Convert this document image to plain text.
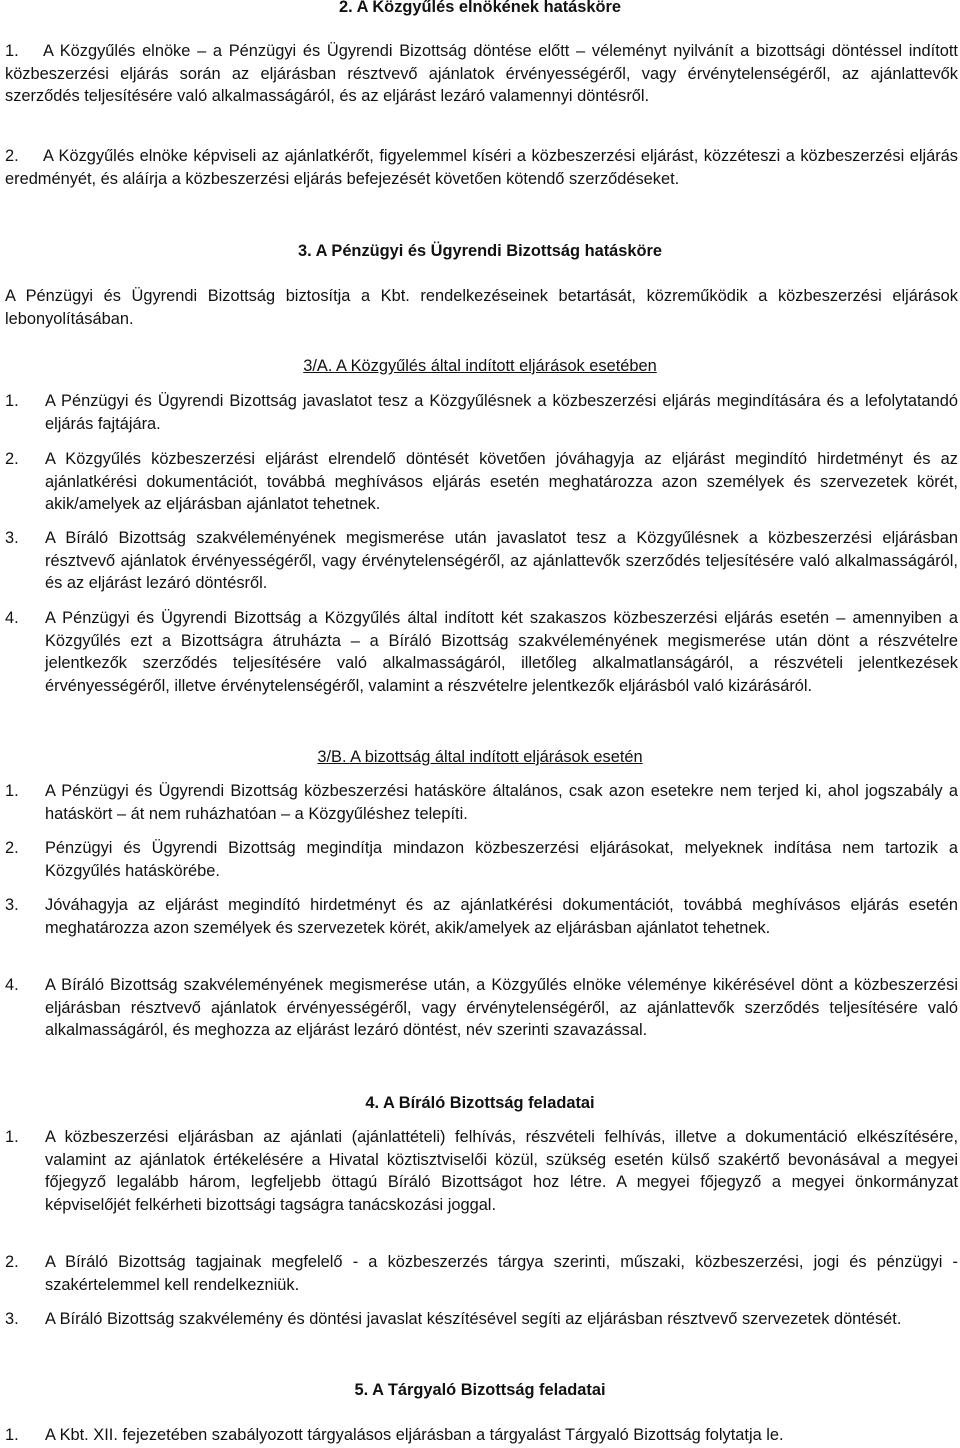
2. A Közgyűlés elnökének hatásköre
1.	A Közgyűlés elnöke – a Pénzügyi és Ügyrendi Bizottság döntése előtt – véleményt nyilvánít a bizottsági döntéssel indított közbeszerzési eljárás során az eljárásban résztvevő ajánlatok érvényességéről, vagy érvénytelenségéről, az ajánlattevők szerződés teljesítésére való alkalmasságáról, és az eljárást lezáró valamennyi döntésről.
2.	A Közgyűlés elnöke képviseli az ajánlatkérőt, figyelemmel kíséri a közbeszerzési eljárást, közzéteszi a közbeszerzési eljárás eredményét, és aláírja a közbeszerzési eljárás befejezését követően kötendő szerződéseket.
3. A Pénzügyi és Ügyrendi Bizottság hatásköre
A Pénzügyi és Ügyrendi Bizottság biztosítja a Kbt. rendelkezéseinek betartását, közreműködik a közbeszerzési eljárások lebonyolításában.
3/A. A Közgyűlés által indított eljárások esetében
1. A Pénzügyi és Ügyrendi Bizottság javaslatot tesz a Közgyűlésnek a közbeszerzési eljárás megindítására és a lefolytatandó eljárás fajtájára.
2. A Közgyűlés közbeszerzési eljárást elrendelő döntését követően jóváhagyja az eljárást megindító hirdetményt és az ajánlatkérési dokumentációt, továbbá meghívásos eljárás esetén meghatározza azon személyek és szervezetek körét, akik/amelyek az eljárásban ajánlatot tehetnek.
3. A Bíráló Bizottság szakvéleményének megismerése után javaslatot tesz a Közgyűlésnek a közbeszerzési eljárásban résztvevő ajánlatok érvényességéről, vagy érvénytelenségéről, az ajánlattevők szerződés teljesítésére való alkalmasságáról, és az eljárást lezáró döntésről.
4. A Pénzügyi és Ügyrendi Bizottság a Közgyűlés által indított két szakaszos közbeszerzési eljárás esetén – amennyiben a Közgyűlés ezt a Bizottságra átruházta – a Bíráló Bizottság szakvéleményének megismerése után dönt a részvételre jelentkezők szerződés teljesítésére való alkalmasságáról, illetőleg alkalmatlanságáról, a részvételi jelentkezések érvényességéről, illetve érvénytelenségéről, valamint a részvételre jelentkezők eljárásból való kizárásáról.
3/B. A bizottság által indított eljárások esetén
1. A Pénzügyi és Ügyrendi Bizottság közbeszerzési hatásköre általános, csak azon esetekre nem terjed ki, ahol jogszabály a hatáskört – át nem ruházhatóan – a Közgyűléshez telepíti.
2. Pénzügyi és Ügyrendi Bizottság megindítja mindazon közbeszerzési eljárásokat, melyeknek indítása nem tartozik a Közgyűlés hatáskörébe.
3. Jóváhagyja az eljárást megindító hirdetményt és az ajánlatkérési dokumentációt, továbbá meghívásos eljárás esetén meghatározza azon személyek és szervezetek körét, akik/amelyek az eljárásban ajánlatot tehetnek.
4. A Bíráló Bizottság szakvéleményének megismerése után, a Közgyűlés elnöke véleménye kikérésével dönt a közbeszerzési eljárásban résztvevő ajánlatok érvényességéről, vagy érvénytelenségéről, az ajánlattevők szerződés teljesítésére való alkalmasságáról, és meghozza az eljárást lezáró döntést, név szerinti szavazással.
4. A Bíráló Bizottság feladatai
1. A közbeszerzési eljárásban az ajánlati (ajánlattételi) felhívás, részvételi felhívás, illetve a dokumentáció elkészítésére, valamint az ajánlatok értékelésére a Hivatal köztisztviselői közül, szükség esetén külső szakértő bevonásával a megyei főjegyző legalább három, legfeljebb öttagú Bíráló Bizottságot hoz létre. A megyei főjegyző a megyei önkormányzat képviselőjét felkérheti bizottsági tagságra tanácskozási joggal.
2. A Bíráló Bizottság tagjainak megfelelő - a közbeszerzés tárgya szerinti, műszaki, közbeszerzési, jogi és pénzügyi - szakértelemmel kell rendelkezniük.
3. A Bíráló Bizottság szakvélemény és döntési javaslat készítésével segíti az eljárásban résztvevő szervezetek döntését.
5. A Tárgyaló Bizottság feladatai
1. A Kbt. XII. fejezetében szabályozott tárgyalásos eljárásban a tárgyalást Tárgyaló Bizottság folytatja le.
